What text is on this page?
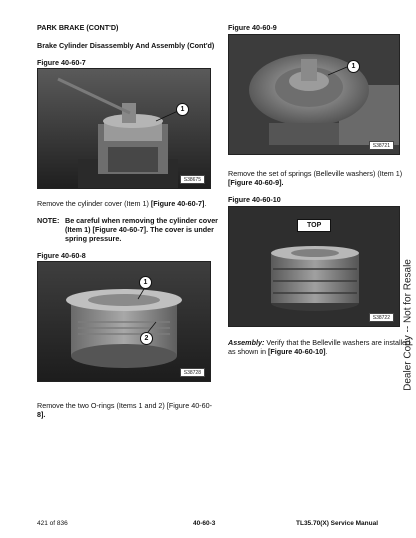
PARK BRAKE (CONT'D)
Brake Cylinder Disassembly And Assembly (Cont'd)
Figure 40-60-7
1
S38675
Remove the cylinder cover (Item 1) [Figure 40-60-7].
NOTE: Be careful when removing the cylinder cover
(Item 1) [Figure 40-60-7]. The cover is under
spring pressure.
Figure 40-60-8
1
2
S38728
Remove the two O-rings (Items 1 and 2) [Figure 40-60-
8].
Figure 40-60-9
1
S38721
Remove the set of springs (Belleville washers) (Item 1)
[Figure 40-60-9].
Figure 40-60-10
TOP
S38722
Assembly: Verify that the Belleville washers are installed
as shown in [Figure 40-60-10].	Dealer Copy -- Not for Resale
421 of 836	40-60-3	TL35.70(X) Service Manual
